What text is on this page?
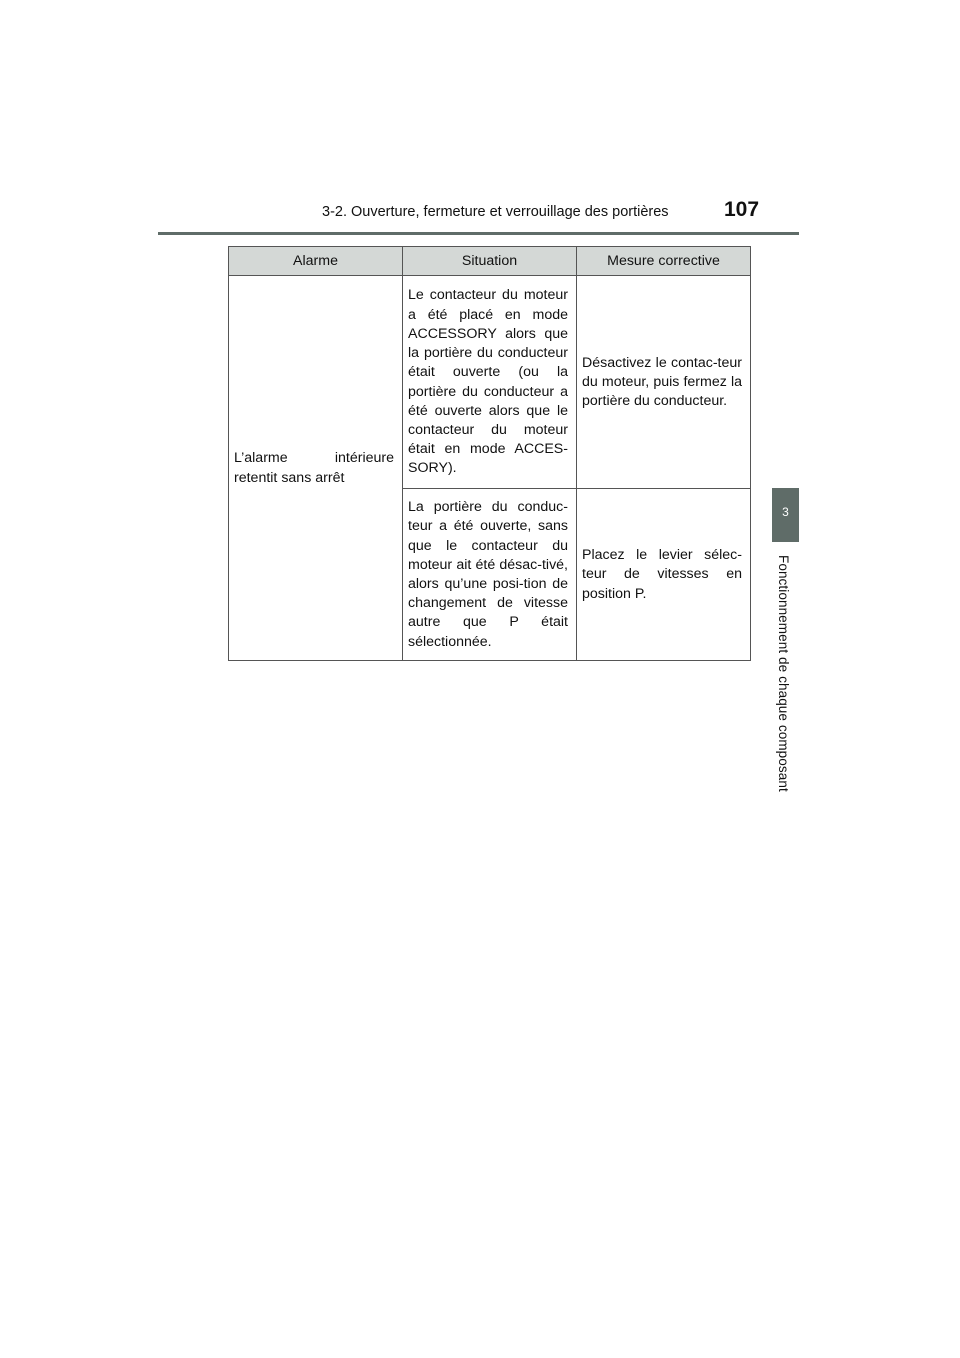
3-2. Ouverture, fermeture et verrouillage des portières	107
3
Fonctionnement de chaque composant
Alarme	Situation	Mesure corrective
L’alarme intérieure retentit sans arrêt	Le contacteur du moteur a été placé en mode ACCESSORY alors que la portière du conducteur était ouverte (ou la portière du conducteur a été ouverte alors que le contacteur du moteur était en mode ACCES-SORY).	Désactivez le contac-teur du moteur, puis fermez la portière du conducteur.
	La portière du conduc-teur a été ouverte, sans que le contacteur du moteur ait été désac-tivé, alors qu’une posi-tion de changement de vitesse autre que P était sélectionnée.	Placez le levier sélec-teur de vitesses en position P.
